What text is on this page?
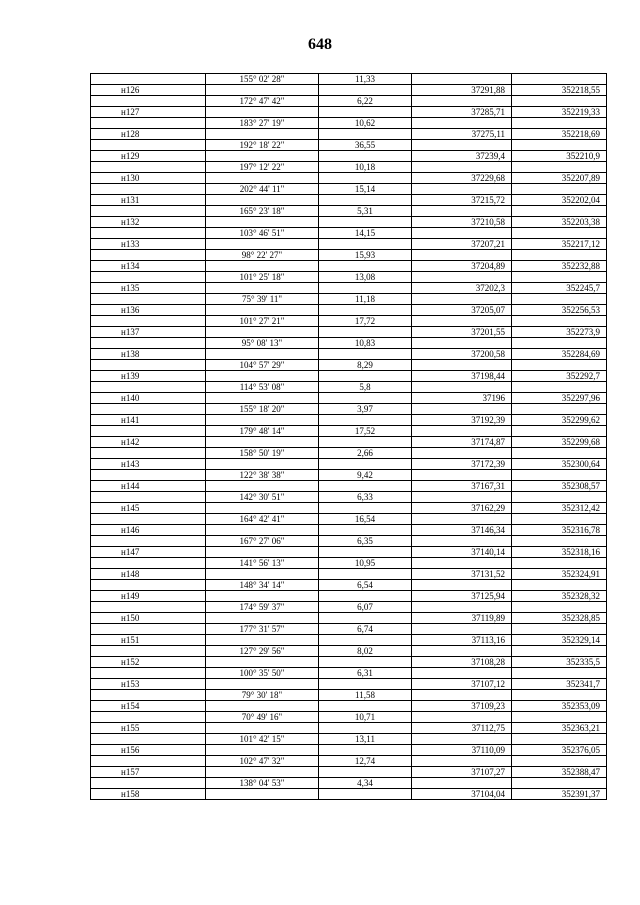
648
	155° 02' 28"	11,33		
н126			37291,88	352218,55
	172° 47' 42"	6,22		
н127			37285,71	352219,33
	183° 27' 19"	10,62		
н128			37275,11	352218,69
	192° 18' 22"	36,55		
н129			37239,4	352210,9
	197° 12' 22"	10,18		
н130			37229,68	352207,89
	202° 44' 11"	15,14		
н131			37215,72	352202,04
	165° 23' 18"	5,31		
н132			37210,58	352203,38
	103° 46' 51"	14,15		
н133			37207,21	352217,12
	98° 22' 27"	15,93		
н134			37204,89	352232,88
	101° 25' 18"	13,08		
н135			37202,3	352245,7
	75° 39' 11"	11,18		
н136			37205,07	352256,53
	101° 27' 21"	17,72		
н137			37201,55	352273,9
	95° 08' 13"	10,83		
н138			37200,58	352284,69
	104° 57' 29"	8,29		
н139			37198,44	352292,7
	114° 53' 08"	5,8		
н140			37196	352297,96
	155° 18' 20"	3,97		
н141			37192,39	352299,62
	179° 48' 14"	17,52		
н142			37174,87	352299,68
	158° 50' 19"	2,66		
н143			37172,39	352300,64
	122° 38' 38"	9,42		
н144			37167,31	352308,57
	142° 30' 51"	6,33		
н145			37162,29	352312,42
	164° 42' 41"	16,54		
н146			37146,34	352316,78
	167° 27' 06"	6,35		
н147			37140,14	352318,16
	141° 56' 13"	10,95		
н148			37131,52	352324,91
	148° 34' 14"	6,54		
н149			37125,94	352328,32
	174° 59' 37"	6,07		
н150			37119,89	352328,85
	177° 31' 57"	6,74		
н151			37113,16	352329,14
	127° 29' 56"	8,02		
н152			37108,28	352335,5
	100° 35' 50"	6,31		
н153			37107,12	352341,7
	79° 30' 18"	11,58		
н154			37109,23	352353,09
	70° 49' 16"	10,71		
н155			37112,75	352363,21
	101° 42' 15"	13,11		
н156			37110,09	352376,05
	102° 47' 32"	12,74		
н157			37107,27	352388,47
	138° 04' 53"	4,34		
н158			37104,04	352391,37
